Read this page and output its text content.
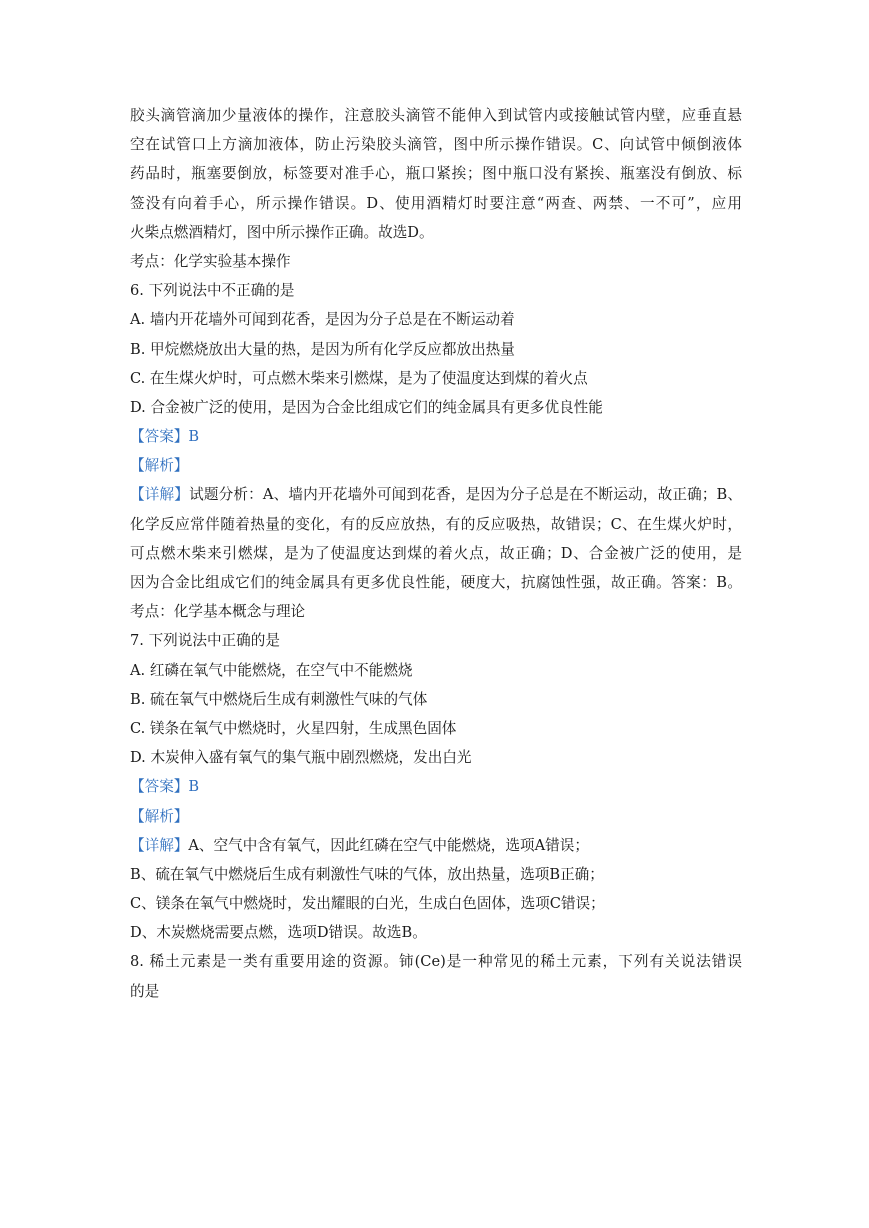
胶头滴管滴加少量液体的操作，注意胶头滴管不能伸入到试管内或接触试管内壁，应垂直悬
空在试管口上方滴加液体，防止污染胶头滴管，图中所示操作错误。C、向试管中倾倒液体
药品时，瓶塞要倒放，标签要对准手心，瓶口紧挨；图中瓶口没有紧挨、瓶塞没有倒放、标
签没有向着手心，所示操作错误。D、使用酒精灯时要注意“两查、两禁、一不可”，应用
火柴点燃酒精灯，图中所示操作正确。故选D。
考点：化学实验基本操作
6. 下列说法中不正确的是
A. 墙内开花墙外可闻到花香，是因为分子总是在不断运动着
B. 甲烷燃烧放出大量的热，是因为所有化学反应都放出热量
C. 在生煤火炉时，可点燃木柴来引燃煤，是为了使温度达到煤的着火点
D. 合金被广泛的使用，是因为合金比组成它们的纯金属具有更多优良性能
【答案】B
【解析】
【详解】试题分析：A、墙内开花墙外可闻到花香，是因为分子总是在不断运动，故正确；B、
化学反应常伴随着热量的变化，有的反应放热，有的反应吸热，故错误；C、在生煤火炉时，
可点燃木柴来引燃煤，是为了使温度达到煤的着火点，故正确；D、合金被广泛的使用，是
因为合金比组成它们的纯金属具有更多优良性能，硬度大，抗腐蚀性强，故正确。答案：B。
考点：化学基本概念与理论
7. 下列说法中正确的是
A. 红磷在氧气中能燃烧，在空气中不能燃烧
B. 硫在氧气中燃烧后生成有刺激性气味的气体
C. 镁条在氧气中燃烧时，火星四射，生成黑色固体
D. 木炭伸入盛有氧气的集气瓶中剧烈燃烧，发出白光
【答案】B
【解析】
【详解】A、空气中含有氧气，因此红磷在空气中能燃烧，选项A错误；
B、硫在氧气中燃烧后生成有刺激性气味的气体，放出热量，选项B正确；
C、镁条在氧气中燃烧时，发出耀眼的白光，生成白色固体，选项C错误；
D、木炭燃烧需要点燃，选项D错误。故选B。
8. 稀土元素是一类有重要用途的资源。铈(Ce)是一种常见的稀土元素，下列有关说法错误
的是
